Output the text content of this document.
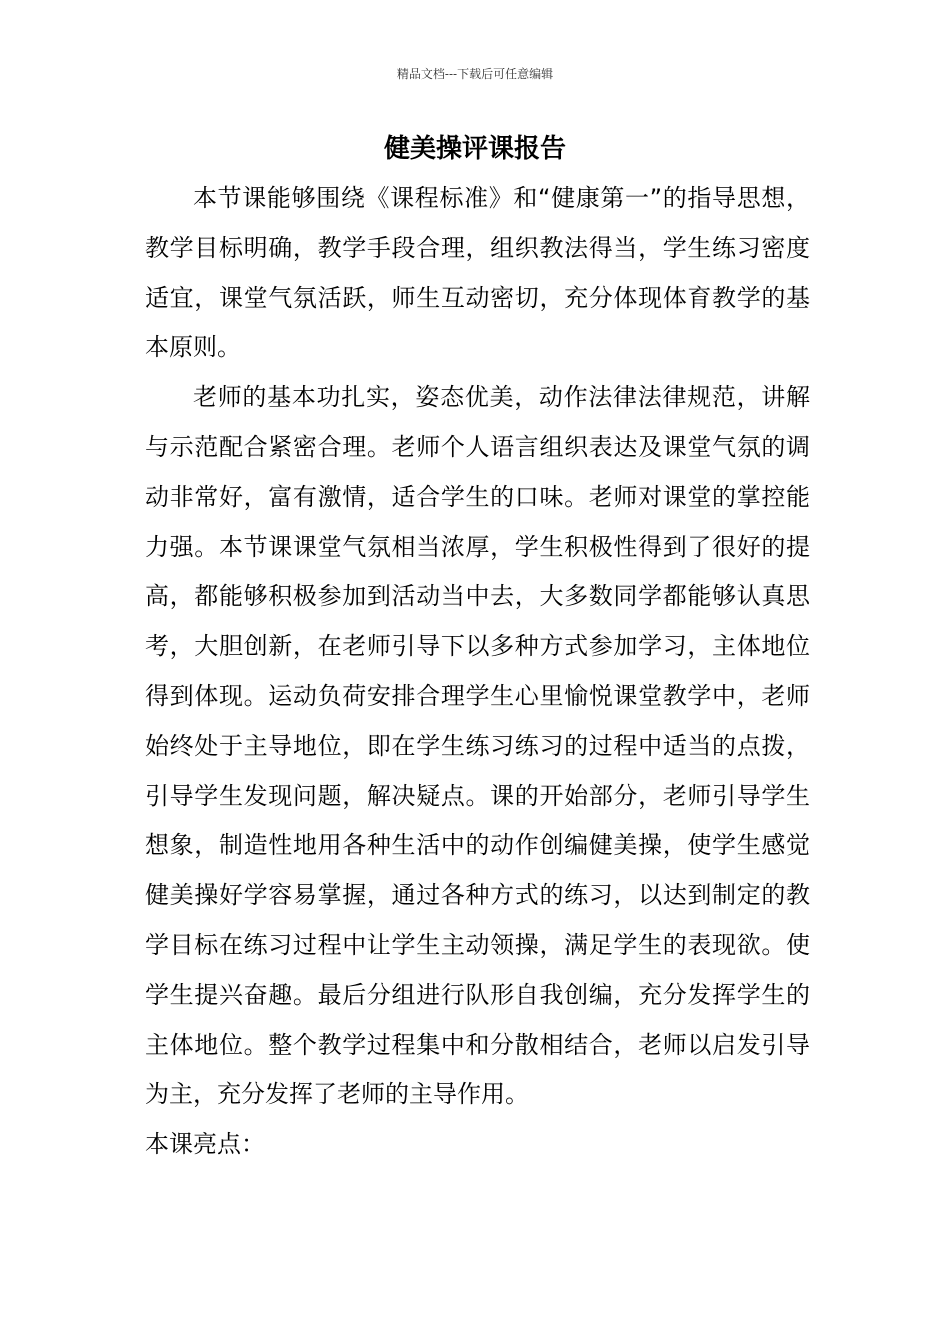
精品文档---下载后可任意编辑
健美操评课报告

本节课能够围绕《课程标准》和“健康第一”的指导思想，教学目标明确，教学手段合理，组织教法得当，学生练习密度适宜，课堂气氛活跃，师生互动密切，充分体现体育教学的基本原则。

老师的基本功扎实，姿态优美，动作法律法律规范，讲解与示范配合紧密合理。老师个人语言组织表达及课堂气氛的调动非常好，富有激情，适合学生的口味。老师对课堂的掌控能力强。本节课课堂气氛相当浓厚，学生积极性得到了很好的提高，都能够积极参加到活动当中去，大多数同学都能够认真思考，大胆创新，在老师引导下以多种方式参加学习，主体地位得到体现。运动负荷安排合理学生心里愉悦课堂教学中，老师始终处于主导地位，即在学生练习练习的过程中适当的点拨，引导学生发现问题，解决疑点。课的开始部分，老师引导学生想象，制造性地用各种生活中的动作创编健美操，使学生感觉健美操好学容易掌握，通过各种方式的练习，以达到制定的教学目标在练习过程中让学生主动领操，满足学生的表现欲。使学生提兴奋趣。最后分组进行队形自我创编，充分发挥学生的主体地位。整个教学过程集中和分散相结合，老师以启发引导为主，充分发挥了老师的主导作用。

本课亮点：
